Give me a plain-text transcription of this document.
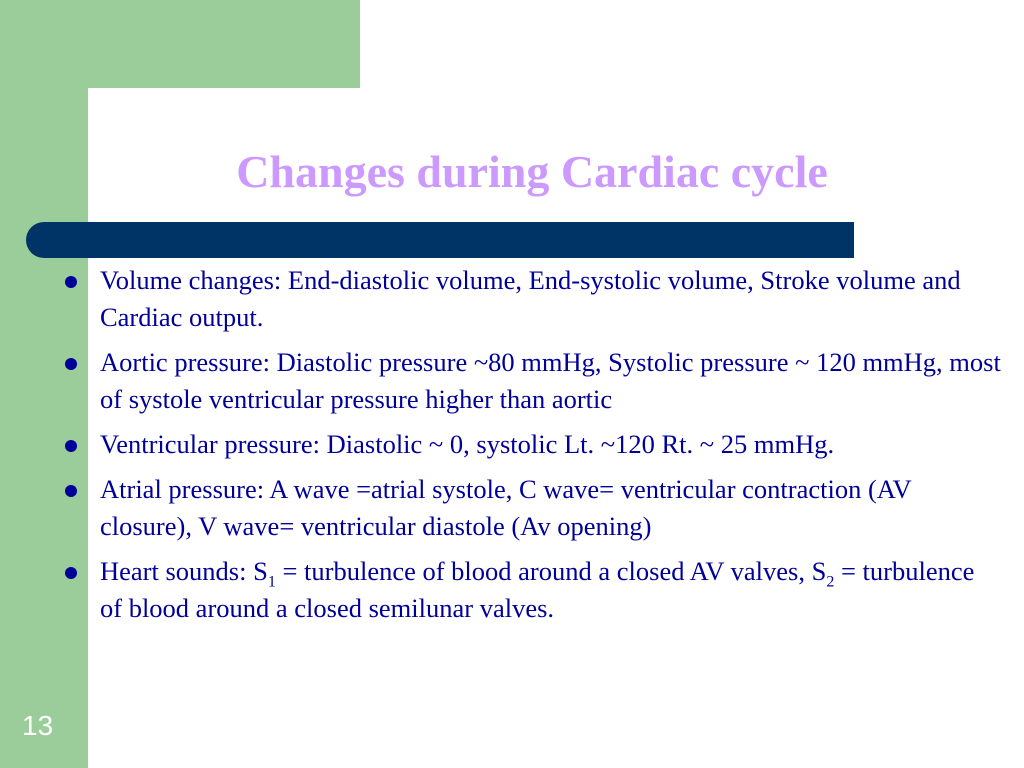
Changes during Cardiac cycle
Volume changes: End-diastolic volume, End-systolic volume, Stroke volume and Cardiac output.
Aortic pressure: Diastolic pressure ~80 mmHg, Systolic pressure ~ 120 mmHg, most of systole ventricular pressure higher than aortic
Ventricular pressure: Diastolic ~ 0, systolic Lt. ~120 Rt. ~ 25 mmHg.
Atrial pressure: A wave =atrial systole, C wave= ventricular contraction (AV closure), V wave= ventricular diastole (Av opening)
Heart sounds: $S_1$ = turbulence of blood around a closed AV valves, $S_2$ = turbulence of blood around a closed semilunar valves.
13
